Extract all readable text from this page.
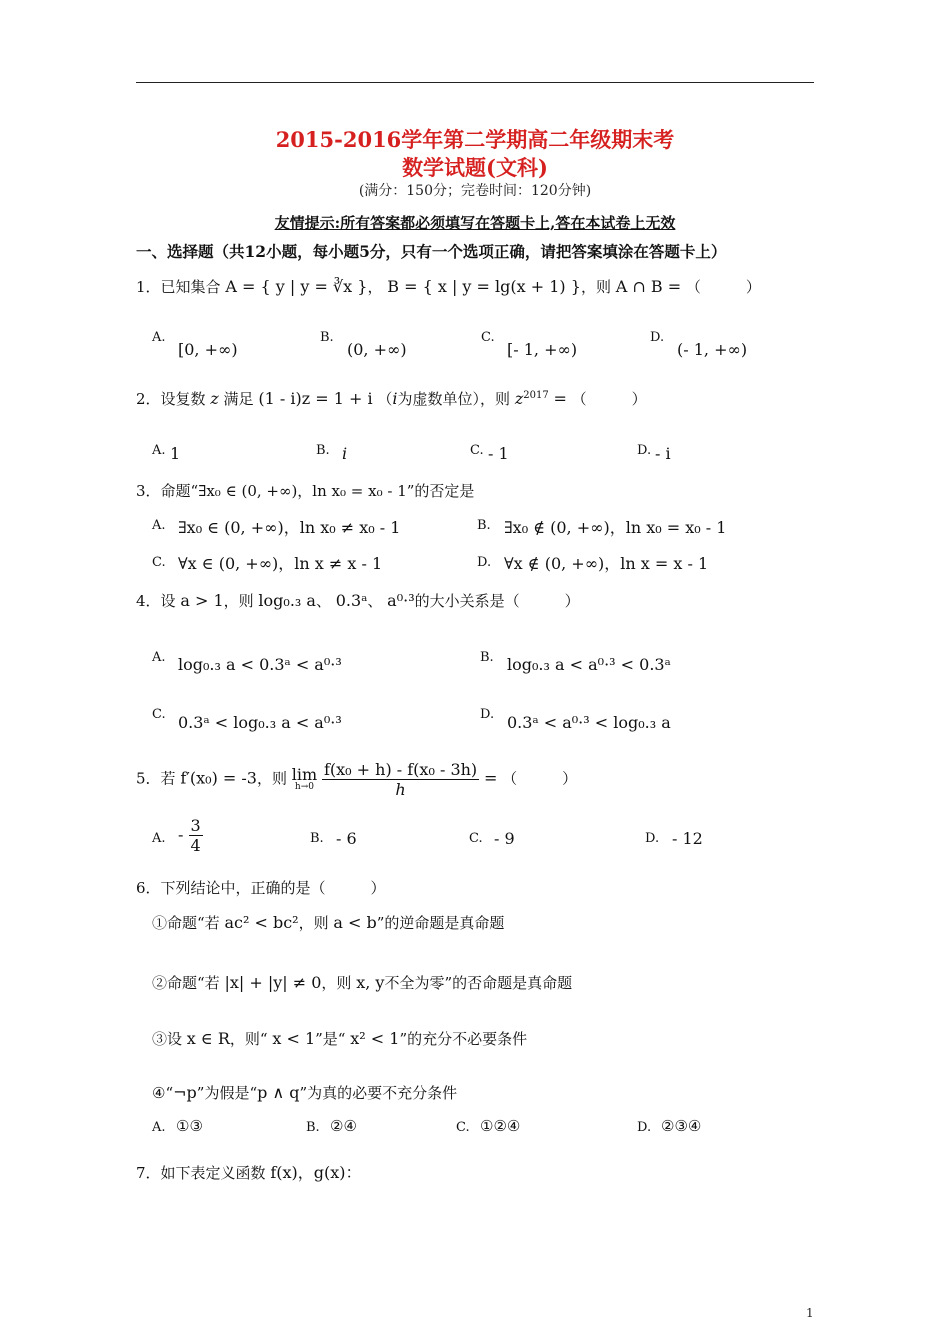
2015-2016学年第二学期高二年级期末考
数学试题(文科)
(满分：150分；完卷时间：120分钟)
友情提示:所有答案都必须填写在答题卡上,答在本试卷上无效
一、选择题（共12小题，每小题5分，只有一个选项正确，请把答案填涂在答题卡上）
1．已知集合 A = { y | y = ∛x }， B = { x | y = lg(x + 1) }，则 A ∩ B = （　　　）
A.
[0, +∞)
B.
(0, +∞)
C.
[- 1, +∞)
D.
(- 1, +∞)
2．设复数 z 满足 (1 - i)z = 1 + i （i为虚数单位），则 $z^{2017}$ = （　　　）
A. 1	B. i	C. - 1	D. - i
3．命题“∃x₀ ∈ (0, +∞)，ln x₀ = x₀ - 1”的否定是
A. ∃x₀ ∈ (0, +∞)，ln x₀ ≠ x₀ - 1	B. ∃x₀ ∉ (0, +∞)，ln x₀ = x₀ - 1
C. ∀x ∈ (0, +∞)，ln x ≠ x - 1	D. ∀x ∉ (0, +∞)，ln x = x - 1
4．设 a > 1，则 log₀.₃ a、 0.3ᵃ、 a⁰·³的大小关系是（　　　）
A. log₀.₃ a < 0.3ᵃ < a⁰·³	B. log₀.₃ a < a⁰·³ < 0.3ᵃ
C. 0.3ᵃ < log₀.₃ a < a⁰·³	D. 0.3ᵃ < a⁰·³ < log₀.₃ a
5．若 f′(x₀) = -3，则 lim
h→0
$\frac{\text{f(x₀ + h) - f(x₀ - 3h)}}{h}$ = （　　　）
A. - $\frac{3}{4}$	B. - 6	C. - 9	D. - 12
6．下列结论中，正确的是（　　　）
①命题“若 ac² < bc²，则 a < b”的逆命题是真命题
②命题“若 |x| + |y| ≠ 0，则 x, y不全为零”的否命题是真命题
③设 x ∈ R，则“ x < 1”是“ x² < 1”的充分不必要条件
④“¬p”为假是“p ∧ q”为真的必要不充分条件
A. ①③	B. ②④	C. ①②④	D. ②③④
7．如下表定义函数 f(x)，g(x)：
1
